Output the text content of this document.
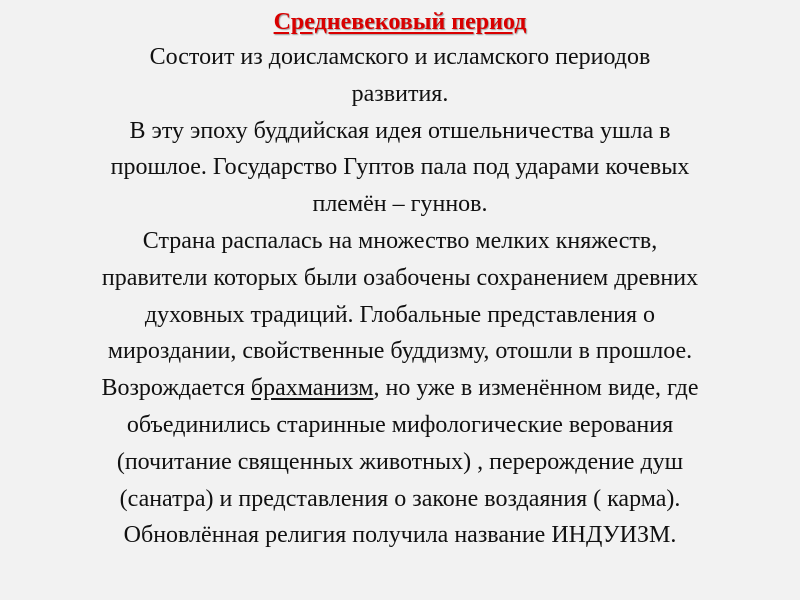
Средневековый период
Состоит из доисламского и исламского периодов
развития.
В эту эпоху буддийская идея отшельничества ушла в
прошлое. Государство Гуптов пала под ударами кочевых
племён – гуннов.
Страна распалась на множество мелких княжеств,
правители которых были озабочены сохранением древних
духовных традиций. Глобальные представления о
мироздании, свойственные буддизму, отошли в прошлое.
Возрождается брахманизм, но уже в изменённом виде, где
объединились старинные мифологические верования
(почитание священных животных) , перерождение душ
(санатра) и представления о законе воздаяния ( карма).
Обновлённая религия получила название ИНДУИЗМ.
